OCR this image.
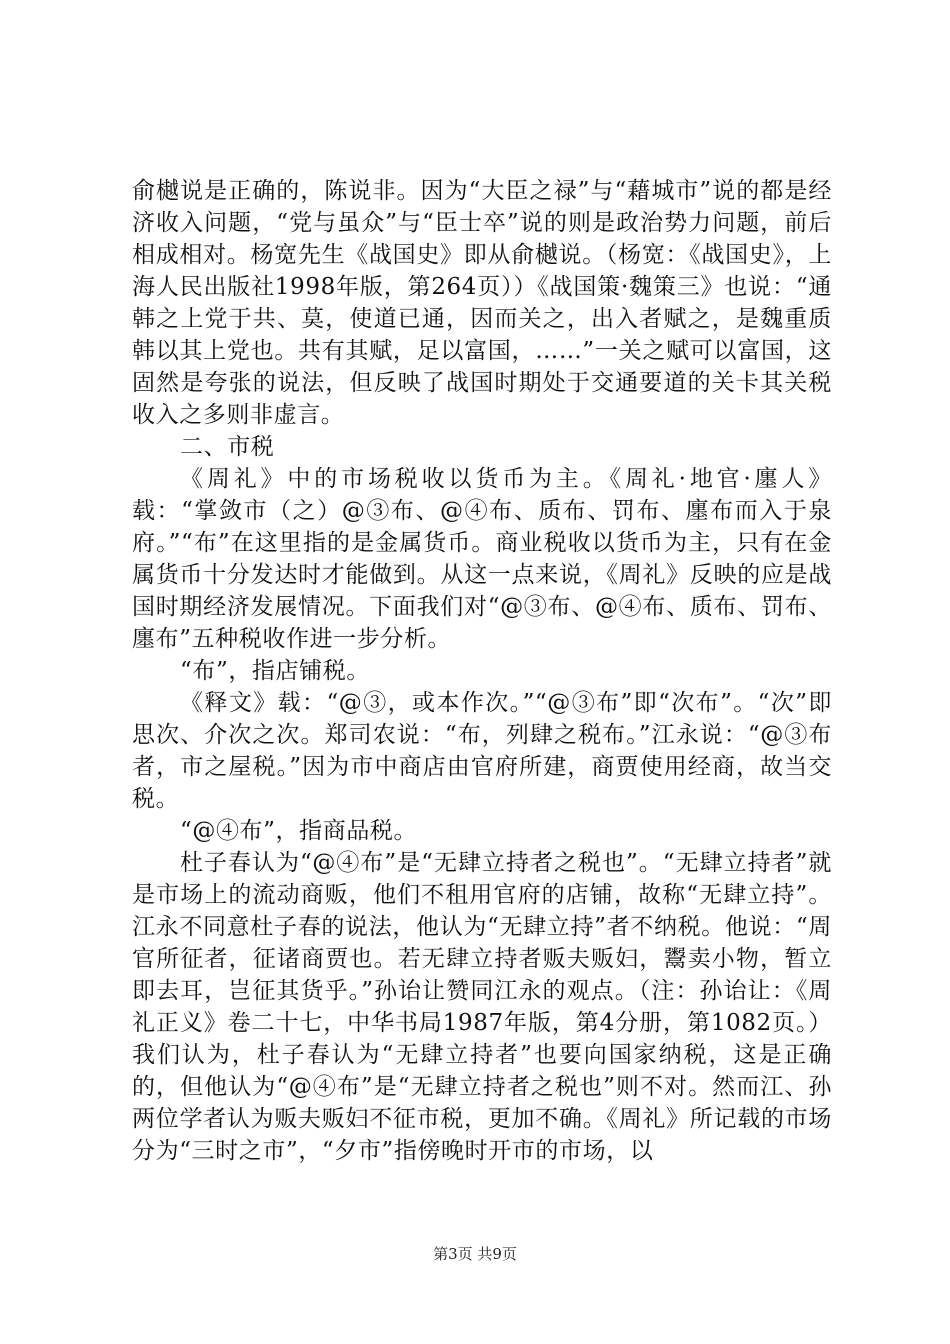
俞樾说是正确的，陈说非。因为“大臣之禄”与“藉城市”说的都是经济收入问题，“党与虽众”与“臣士卒”说的则是政治势力问题，前后相成相对。杨宽先生《战国史》即从俞樾说。（杨宽：《战国史》，上海人民出版社1998年版，第264页））《战国策·魏策三》也说：“通韩之上党于共、莫，使道已通，因而关之，出入者赋之，是魏重质韩以其上党也。共有其赋，足以富国，……”一关之赋可以富国，这固然是夸张的说法，但反映了战国时期处于交通要道的关卡其关税收入之多则非虚言。

二、市税

《周礼》中的市场税收以货币为主。《周礼·地官·廛人》载：“掌敛市（之）@③布、@④布、质布、罚布、廛布而入于泉府。”“布”在这里指的是金属货币。商业税收以货币为主，只有在金属货币十分发达时才能做到。从这一点来说，《周礼》反映的应是战国时期经济发展情况。下面我们对“@③布、@④布、质布、罚布、廛布”五种税收作进一步分析。

“布”，指店铺税。

《释文》载：“@③，或本作次。”“@③布”即“次布”。“次”即思次、介次之次。郑司农说：“布，列肆之税布。”江永说：“@③布者，市之屋税。”因为市中商店由官府所建，商贾使用经商，故当交税。

“@④布”，指商品税。

杜子春认为“@④布”是“无肆立持者之税也”。“无肆立持者”就是市场上的流动商贩，他们不租用官府的店铺，故称“无肆立持”。江永不同意杜子春的说法，他认为“无肆立持”者不纳税。他说：“周官所征者，征诸商贾也。若无肆立持者贩夫贩妇，鬻卖小物，暂立即去耳，岂征其货乎。”孙诒让赞同江永的观点。（注：孙诒让：《周礼正义》卷二十七，中华书局1987年版，第4分册，第1082页。）我们认为，杜子春认为“无肆立持者”也要向国家纳税，这是正确的，但他认为“@④布”是“无肆立持者之税也”则不对。然而江、孙两位学者认为贩夫贩妇不征市税，更加不确。《周礼》所记载的市场分为“三时之市”，“夕市”指傍晚时开市的市场，以

第3页 共9页
